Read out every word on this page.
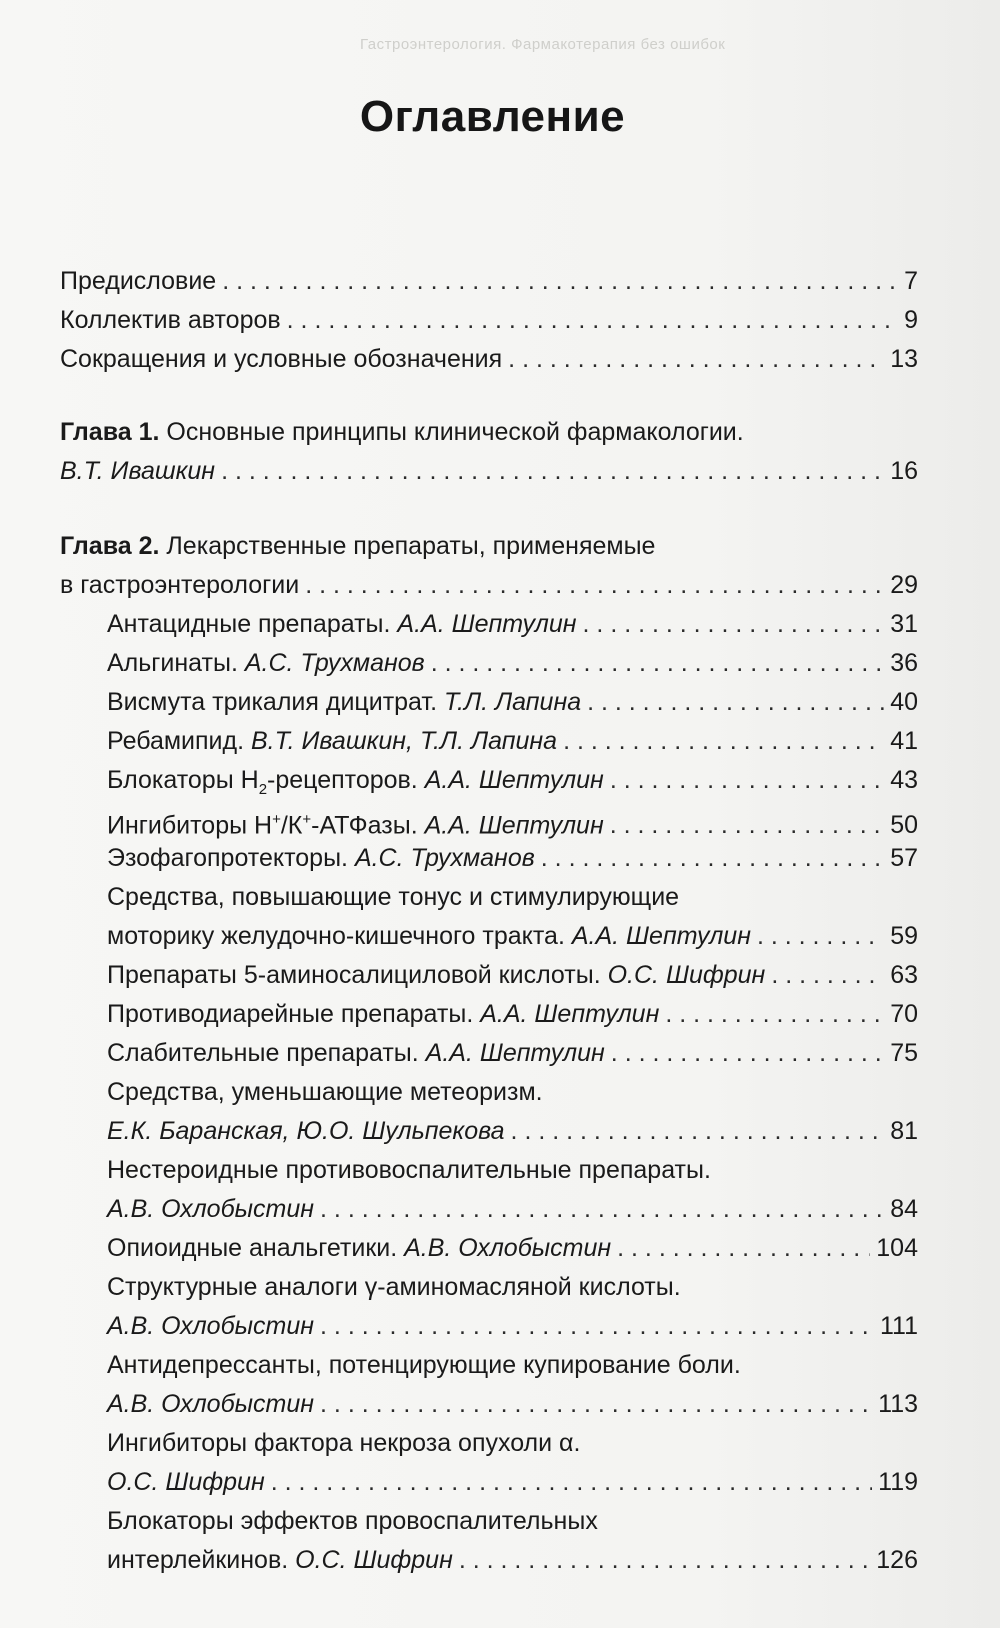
Гастроэнтерология. Фармакотерапия без ошибок
Оглавление
Предисловие . . .	7
Коллектив авторов . . .	9
Сокращения и условные обозначения . . .	13
Глава 1. Основные принципы клинической фармакологии.
В.Т. Ивашкин . . .	16
Глава 2. Лекарственные препараты, применяемые
в гастроэнтерологии . . .	29
Антацидные препараты. А.А. Шептулин . . .	31
Альгинаты. А.С. Трухманов . . .	36
Висмута трикалия дицитрат. Т.Л. Лапина . . .	40
Ребамипид. В.Т. Ивашкин, Т.Л. Лапина . . .	41
Блокаторы $Н_2$-рецепторов. А.А. Шептулин . . .	43
Ингибиторы Н+/К+-АТФазы. А.А. Шептулин . . .	50
Эзофагопротекторы. А.С. Трухманов . . .	57
Средства, повышающие тонус и стимулирующие
моторику желудочно-кишечного тракта. А.А. Шептулин . . .	59
Препараты 5-аминосалициловой кислоты. О.С. Шифрин . . .	63
Противодиарейные препараты. А.А. Шептулин . . .	70
Слабительные препараты. А.А. Шептулин . . .	75
Средства, уменьшающие метеоризм.
Е.К. Баранская, Ю.О. Шульпекова . . .	81
Нестероидные противовоспалительные препараты.
А.В. Охлобыстин . . .	84
Опиоидные анальгетики. А.В. Охлобыстин . . .	104
Структурные аналоги γ-аминомасляной кислоты.
А.В. Охлобыстин . . .	111
Антидепрессанты, потенцирующие купирование боли.
А.В. Охлобыстин . . .	113
Ингибиторы фактора некроза опухоли α.
О.С. Шифрин . . .	119
Блокаторы эффектов провоспалительных
интерлейкинов. О.С. Шифрин . . .	126
